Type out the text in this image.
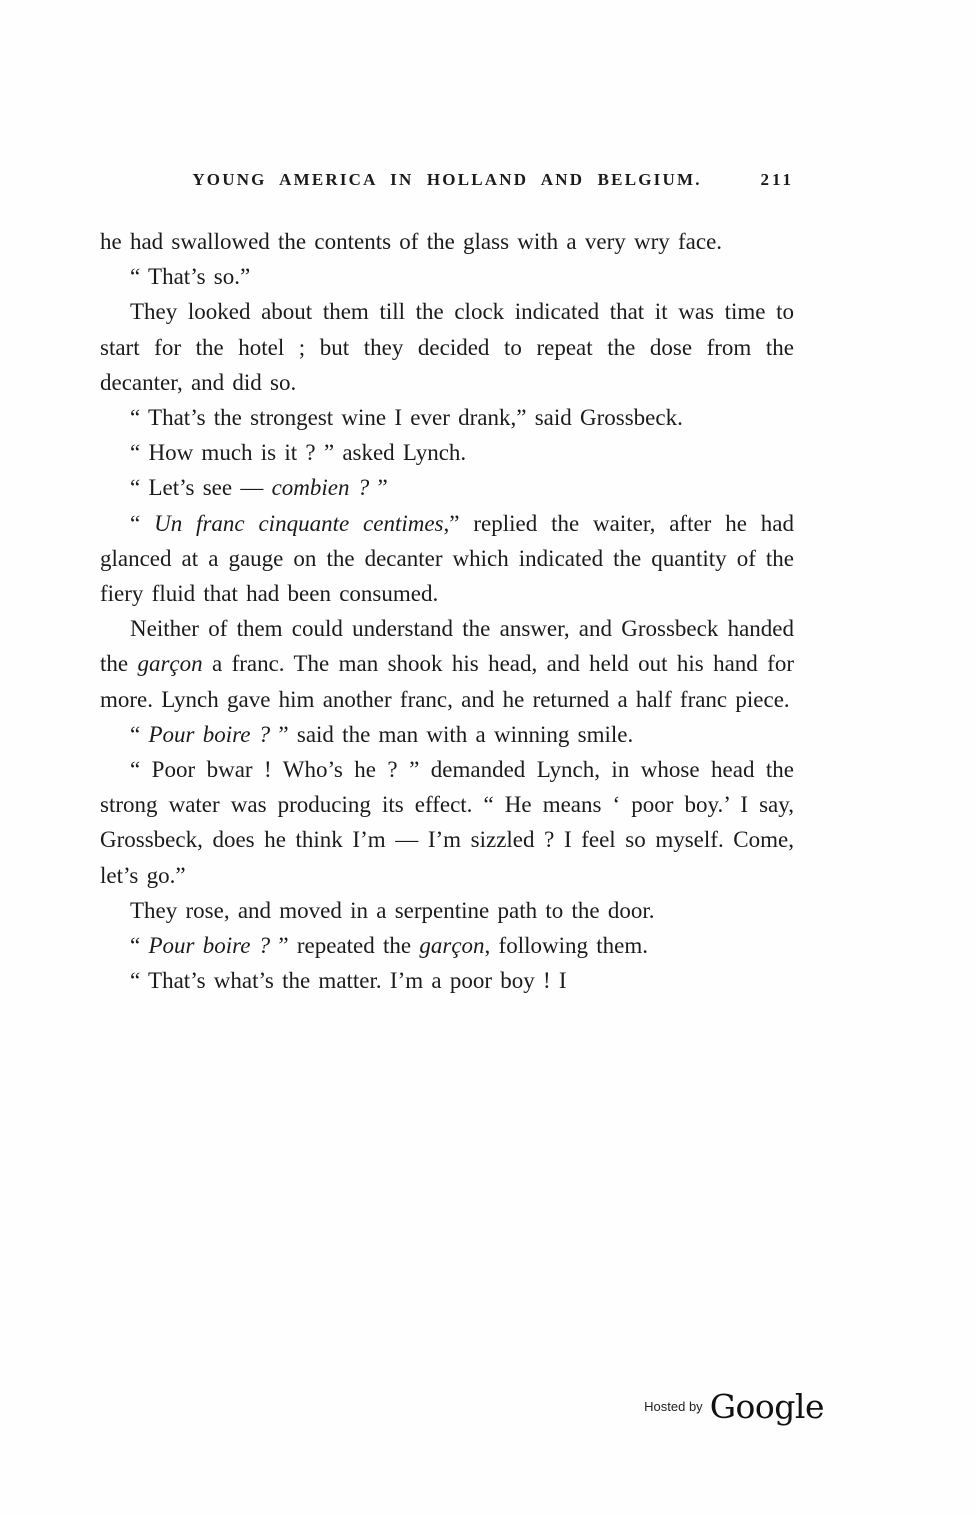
YOUNG AMERICA IN HOLLAND AND BELGIUM.	211

he had swallowed the contents of the glass with a very wry face.

“ That’s so.”

They looked about them till the clock indicated that it was time to start for the hotel ; but they decided to repeat the dose from the decanter, and did so.

“ That’s the strongest wine I ever drank,” said Grossbeck.

“ How much is it ? ” asked Lynch.

“ Let’s see — combien ? ”

“ Un franc cinquante centimes,” replied the waiter, after he had glanced at a gauge on the decanter which indicated the quantity of the fiery fluid that had been consumed.

Neither of them could understand the answer, and Grossbeck handed the garçon a franc. The man shook his head, and held out his hand for more. Lynch gave him another franc, and he returned a half franc piece.

“ Pour boire ? ” said the man with a winning smile.

“ Poor bwar ! Who’s he ? ” demanded Lynch, in whose head the strong water was producing its effect. “ He means ‘ poor boy.’ I say, Grossbeck, does he think I’m — I’m sizzled ? I feel so myself. Come, let’s go.”

They rose, and moved in a serpentine path to the door.

“ Pour boire ? ” repeated the garçon, following them.

“ That’s what’s the matter. I’m a poor boy ! I

Hosted by Google
